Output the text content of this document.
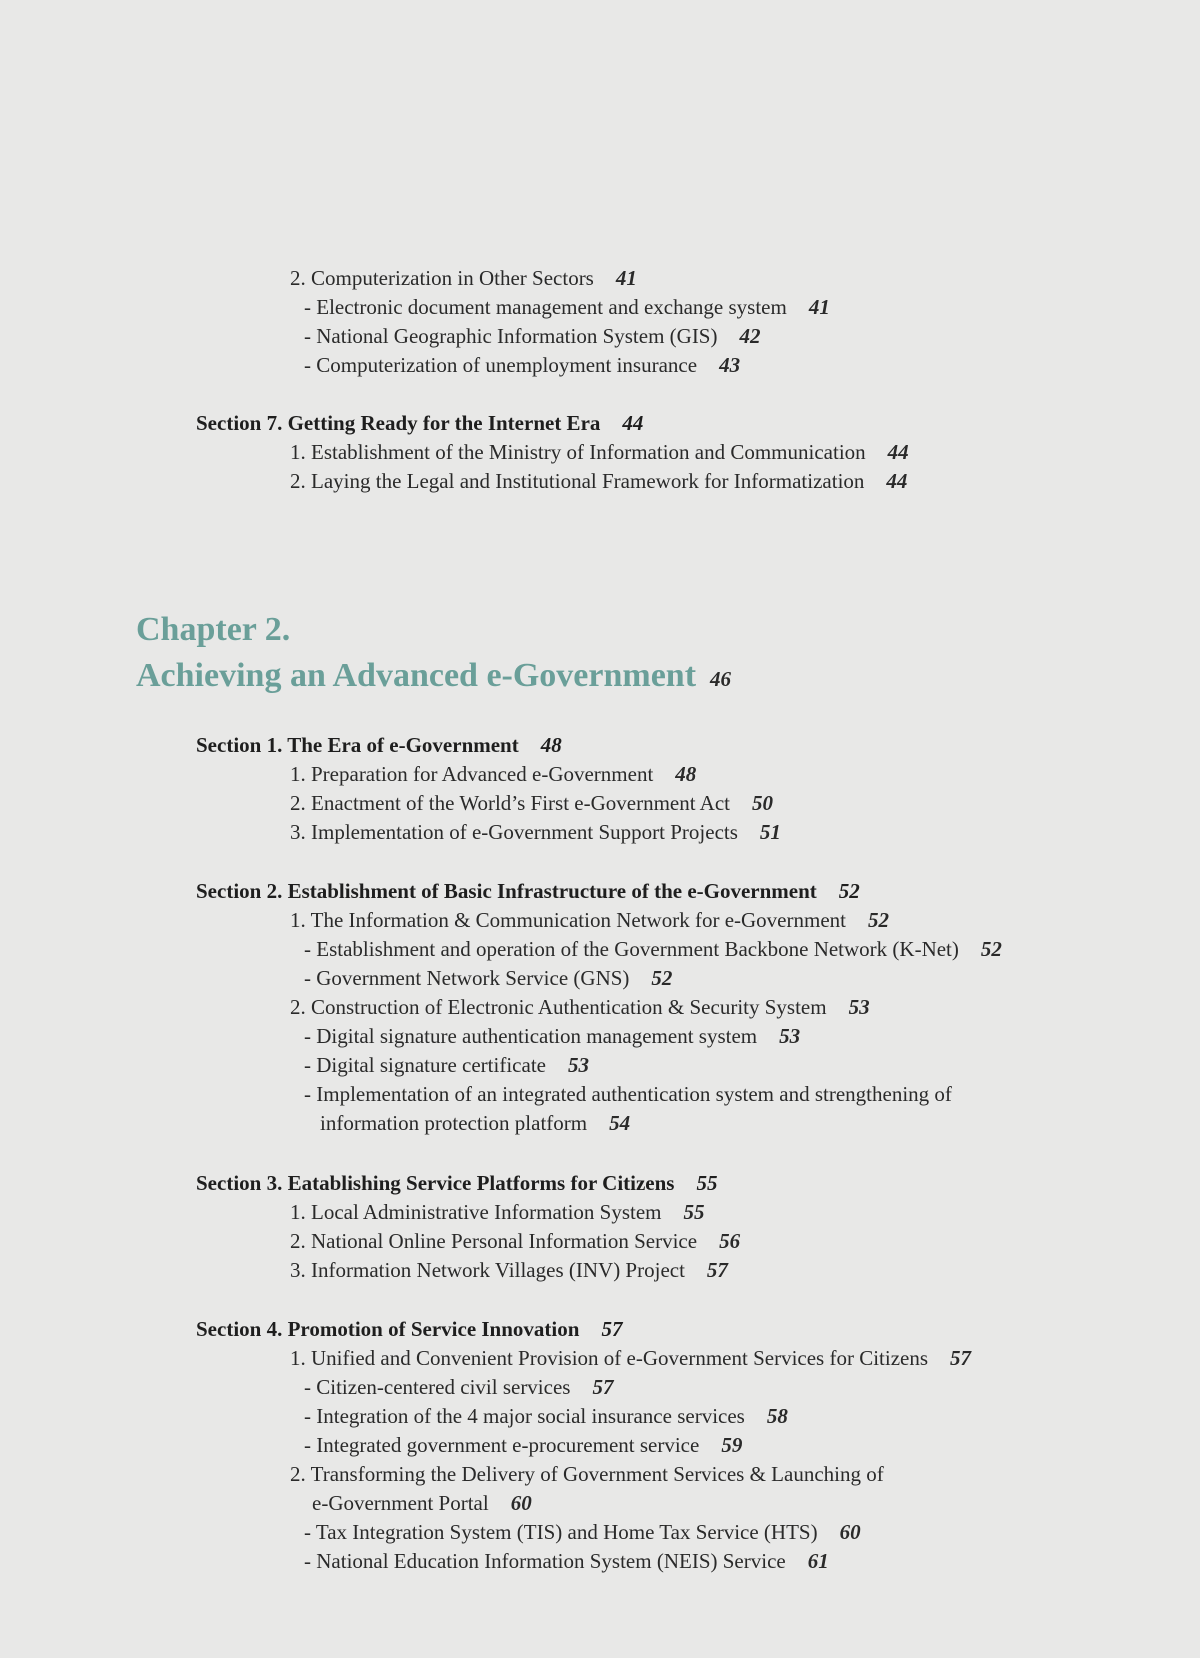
2. Computerization in Other Sectors 41
- Electronic document management and exchange system 41
- National Geographic Information System (GIS) 42
- Computerization of unemployment insurance 43
Section 7. Getting Ready for the Internet Era 44
1. Establishment of the Ministry of Information and Communication 44
2. Laying the Legal and Institutional Framework for Informatization 44
Chapter 2.
Achieving an Advanced e-Government 46
Section 1. The Era of e-Government 48
1. Preparation for Advanced e-Government 48
2. Enactment of the World’s First e-Government Act 50
3. Implementation of e-Government Support Projects 51
Section 2. Establishment of Basic Infrastructure of the e-Government 52
1. The Information & Communication Network for e-Government 52
- Establishment and operation of the Government Backbone Network (K-Net) 52
- Government Network Service (GNS) 52
2. Construction of Electronic Authentication & Security System 53
- Digital signature authentication management system 53
- Digital signature certificate 53
- Implementation of an integrated authentication system and strengthening of
information protection platform 54
Section 3. Eatablishing Service Platforms for Citizens 55
1. Local Administrative Information System 55
2. National Online Personal Information Service 56
3. Information Network Villages (INV) Project 57
Section 4. Promotion of Service Innovation 57
1. Unified and Convenient Provision of e-Government Services for Citizens 57
- Citizen-centered civil services 57
- Integration of the 4 major social insurance services 58
- Integrated government e-procurement service 59
2. Transforming the Delivery of Government Services & Launching of
e-Government Portal 60
- Tax Integration System (TIS) and Home Tax Service (HTS) 60
- National Education Information System (NEIS) Service 61
